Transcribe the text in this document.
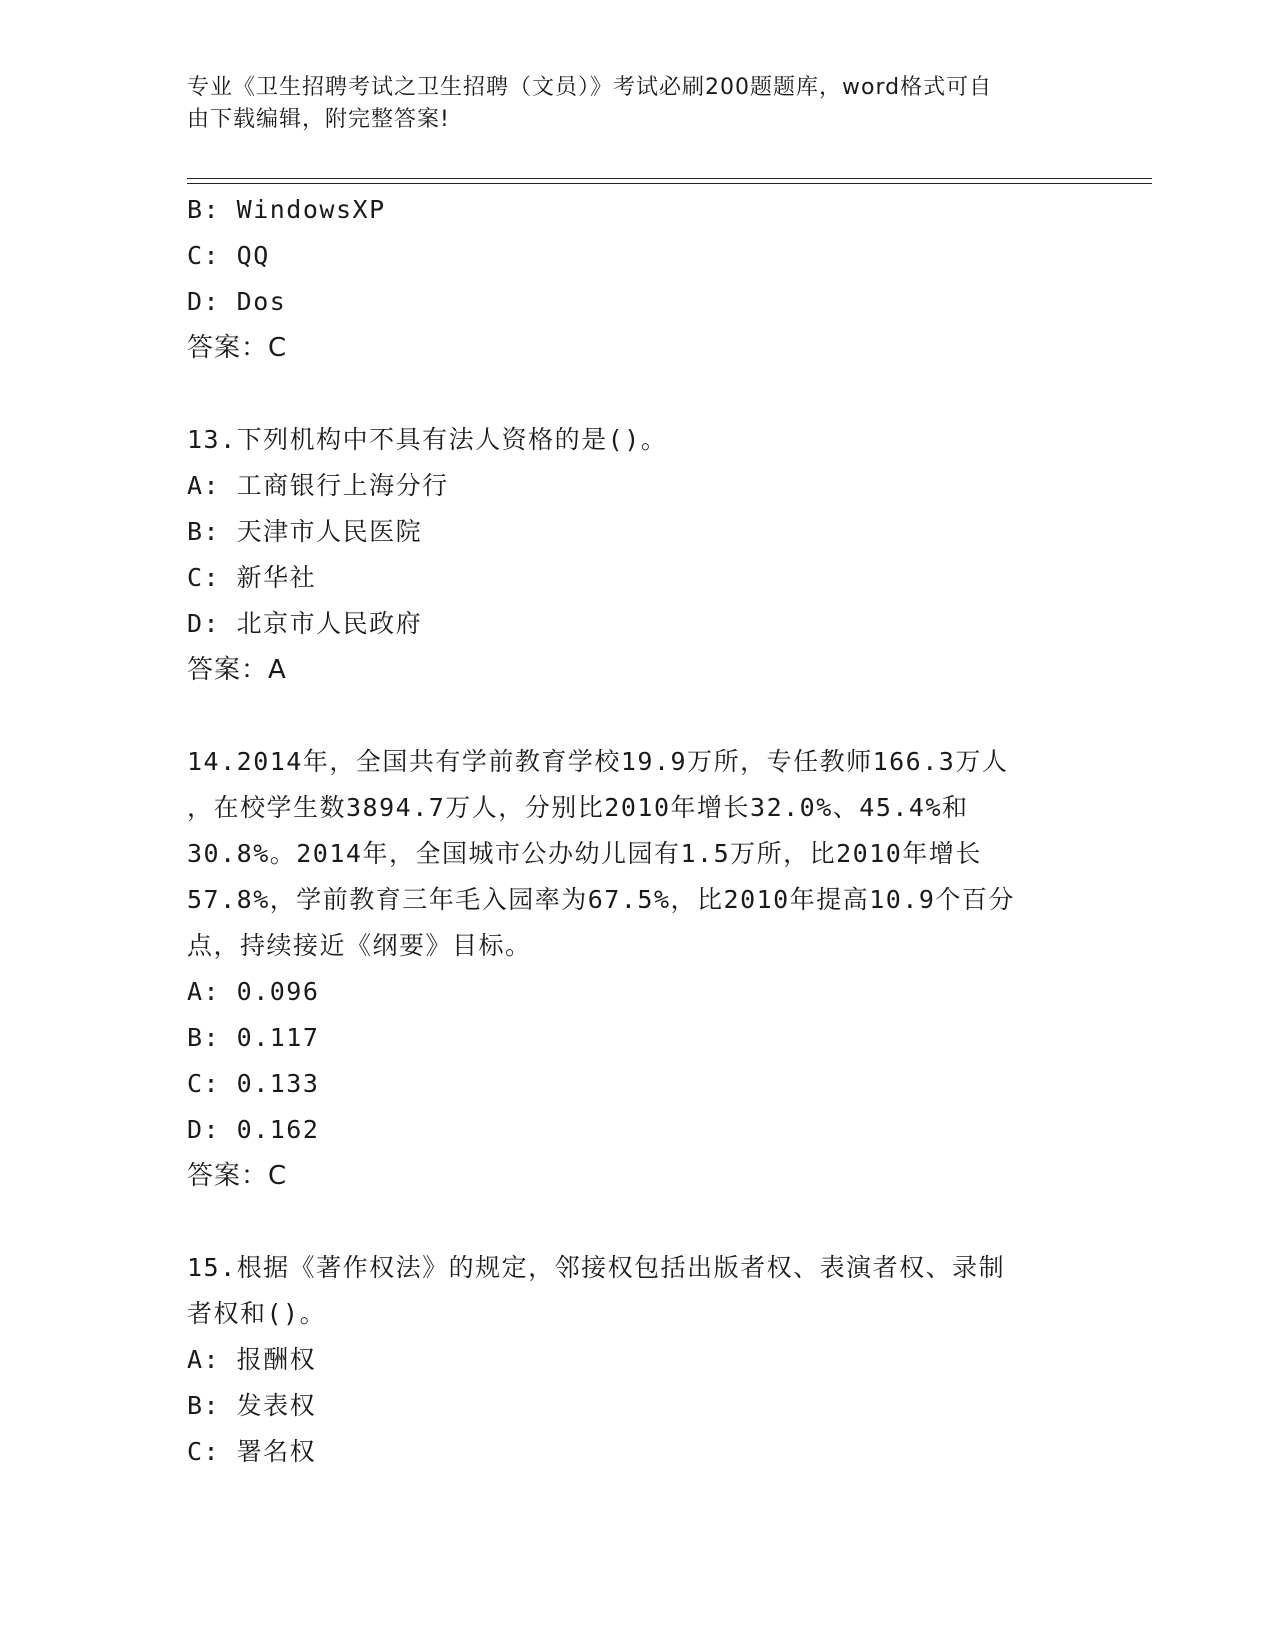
专业《卫生招聘考试之卫生招聘（文员）》考试必刷200题题库，word格式可自
由下载编辑，附完整答案!
B: WindowsXP
C: QQ
D: Dos
答案：C
13.下列机构中不具有法人资格的是()。
A: 工商银行上海分行
B: 天津市人民医院
C: 新华社
D: 北京市人民政府
答案：A
14.2014年，全国共有学前教育学校19.9万所，专任教师166.3万人
，在校学生数3894.7万人，分别比2010年增长32.0%、45.4%和
30.8%。2014年，全国城市公办幼儿园有1.5万所，比2010年增长
57.8%，学前教育三年毛入园率为67.5%，比2010年提高10.9个百分
点，持续接近《纲要》目标。
A: 0.096
B: 0.117
C: 0.133
D: 0.162
答案：C
15.根据《著作权法》的规定，邻接权包括出版者权、表演者权、录制
者权和()。
A: 报酬权
B: 发表权
C: 署名权
